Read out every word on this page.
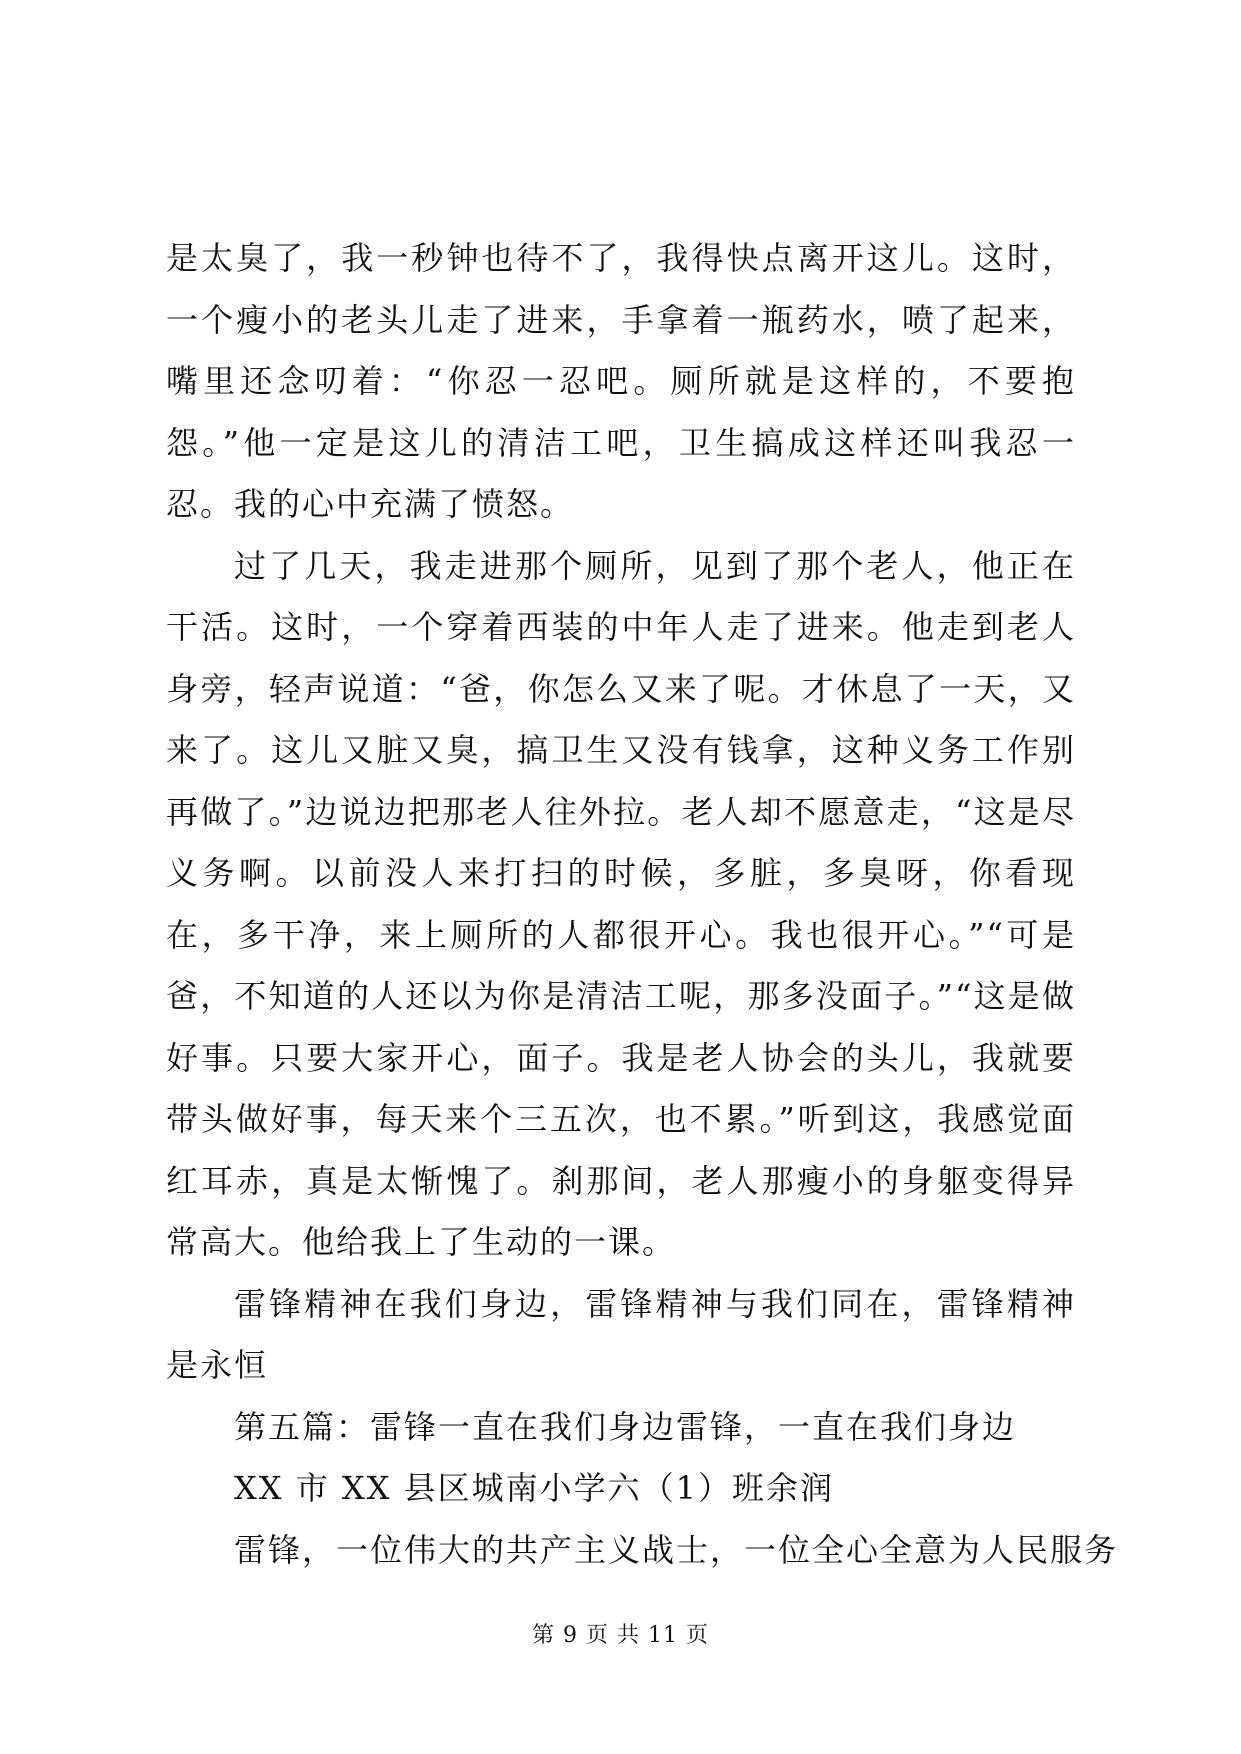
是太臭了，我一秒钟也待不了，我得快点离开这儿。这时，一个瘦小的老头儿走了进来，手拿着一瓶药水，喷了起来，嘴里还念叨着：“你忍一忍吧。厕所就是这样的，不要抱怨。”他一定是这儿的清洁工吧，卫生搞成这样还叫我忍一忍。我的心中充满了愤怒。

过了几天，我走进那个厕所，见到了那个老人，他正在干活。这时，一个穿着西装的中年人走了进来。他走到老人身旁，轻声说道：“爸，你怎么又来了呢。才休息了一天，又来了。这儿又脏又臭，搞卫生又没有钱拿，这种义务工作别再做了。”边说边把那老人往外拉。老人却不愿意走，“这是尽义务啊。以前没人来打扫的时候，多脏，多臭呀，你看现在，多干净，来上厕所的人都很开心。我也很开心。”“可是爸，不知道的人还以为你是清洁工呢，那多没面子。”“这是做好事。只要大家开心，面子。我是老人协会的头儿，我就要带头做好事，每天来个三五次，也不累。”听到这，我感觉面红耳赤，真是太惭愧了。刹那间，老人那瘦小的身躯变得异常高大。他给我上了生动的一课。

雷锋精神在我们身边，雷锋精神与我们同在，雷锋精神是永恒

第五篇：雷锋一直在我们身边雷锋，一直在我们身边

XX 市 XX 县区城南小学六（1）班余润

雷锋，一位伟大的共产主义战士，一位全心全意为人民服务

第 9 页 共 11 页
